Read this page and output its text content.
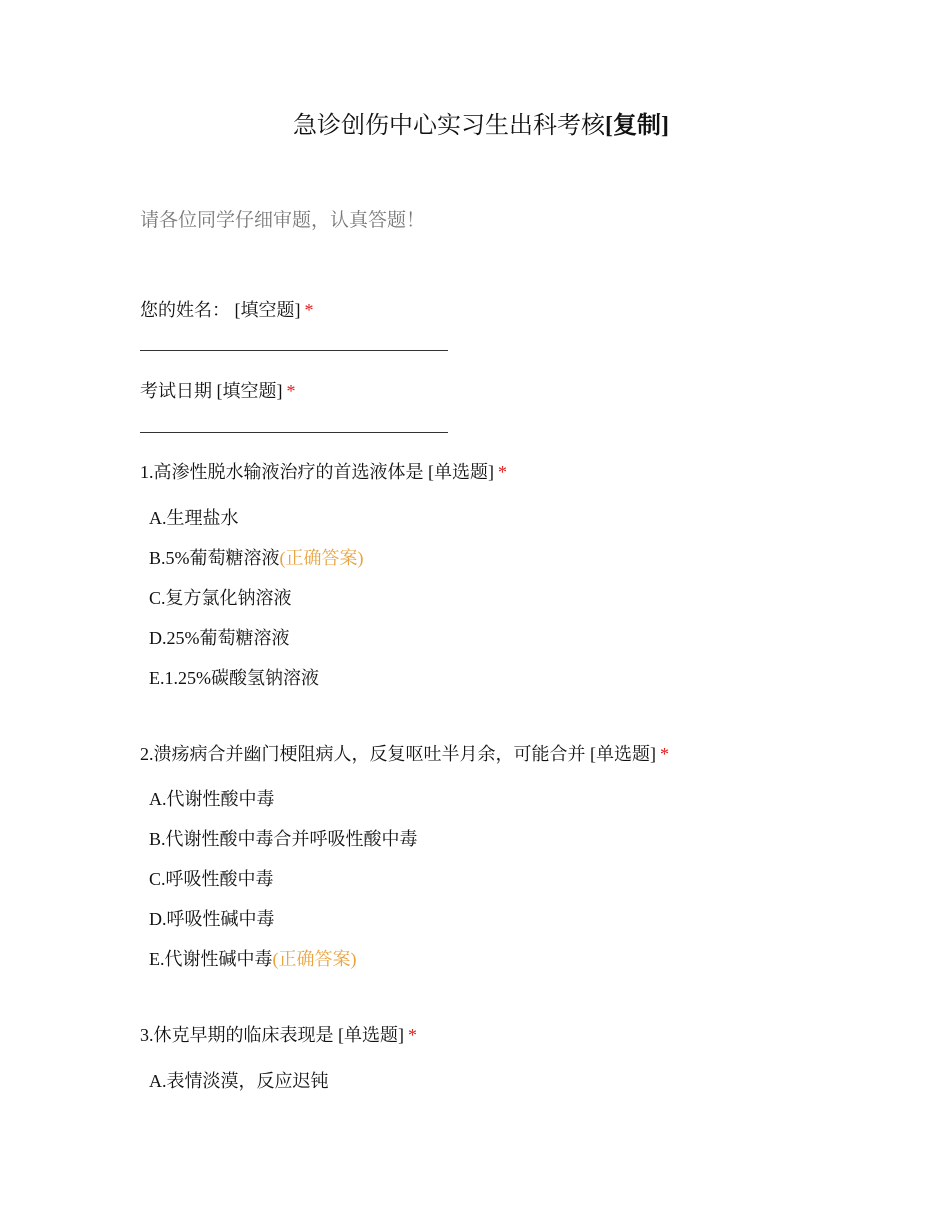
急诊创伤中心实习生出科考核[复制]

请各位同学仔细审题，认真答题！

您的姓名： [填空题] *
考试日期 [填空题] *
1.高渗性脱水输液治疗的首选液体是 [单选题] *
A.生理盐水
B.5%葡萄糖溶液(正确答案)
C.复方氯化钠溶液
D.25%葡萄糖溶液
E.1.25%碳酸氢钠溶液
2.溃疡病合并幽门梗阻病人，反复呕吐半月余，可能合并 [单选题] *
A.代谢性酸中毒
B.代谢性酸中毒合并呼吸性酸中毒
C.呼吸性酸中毒
D.呼吸性碱中毒
E.代谢性碱中毒(正确答案)
3.休克早期的临床表现是 [单选题] *
A.表情淡漠，反应迟钝
